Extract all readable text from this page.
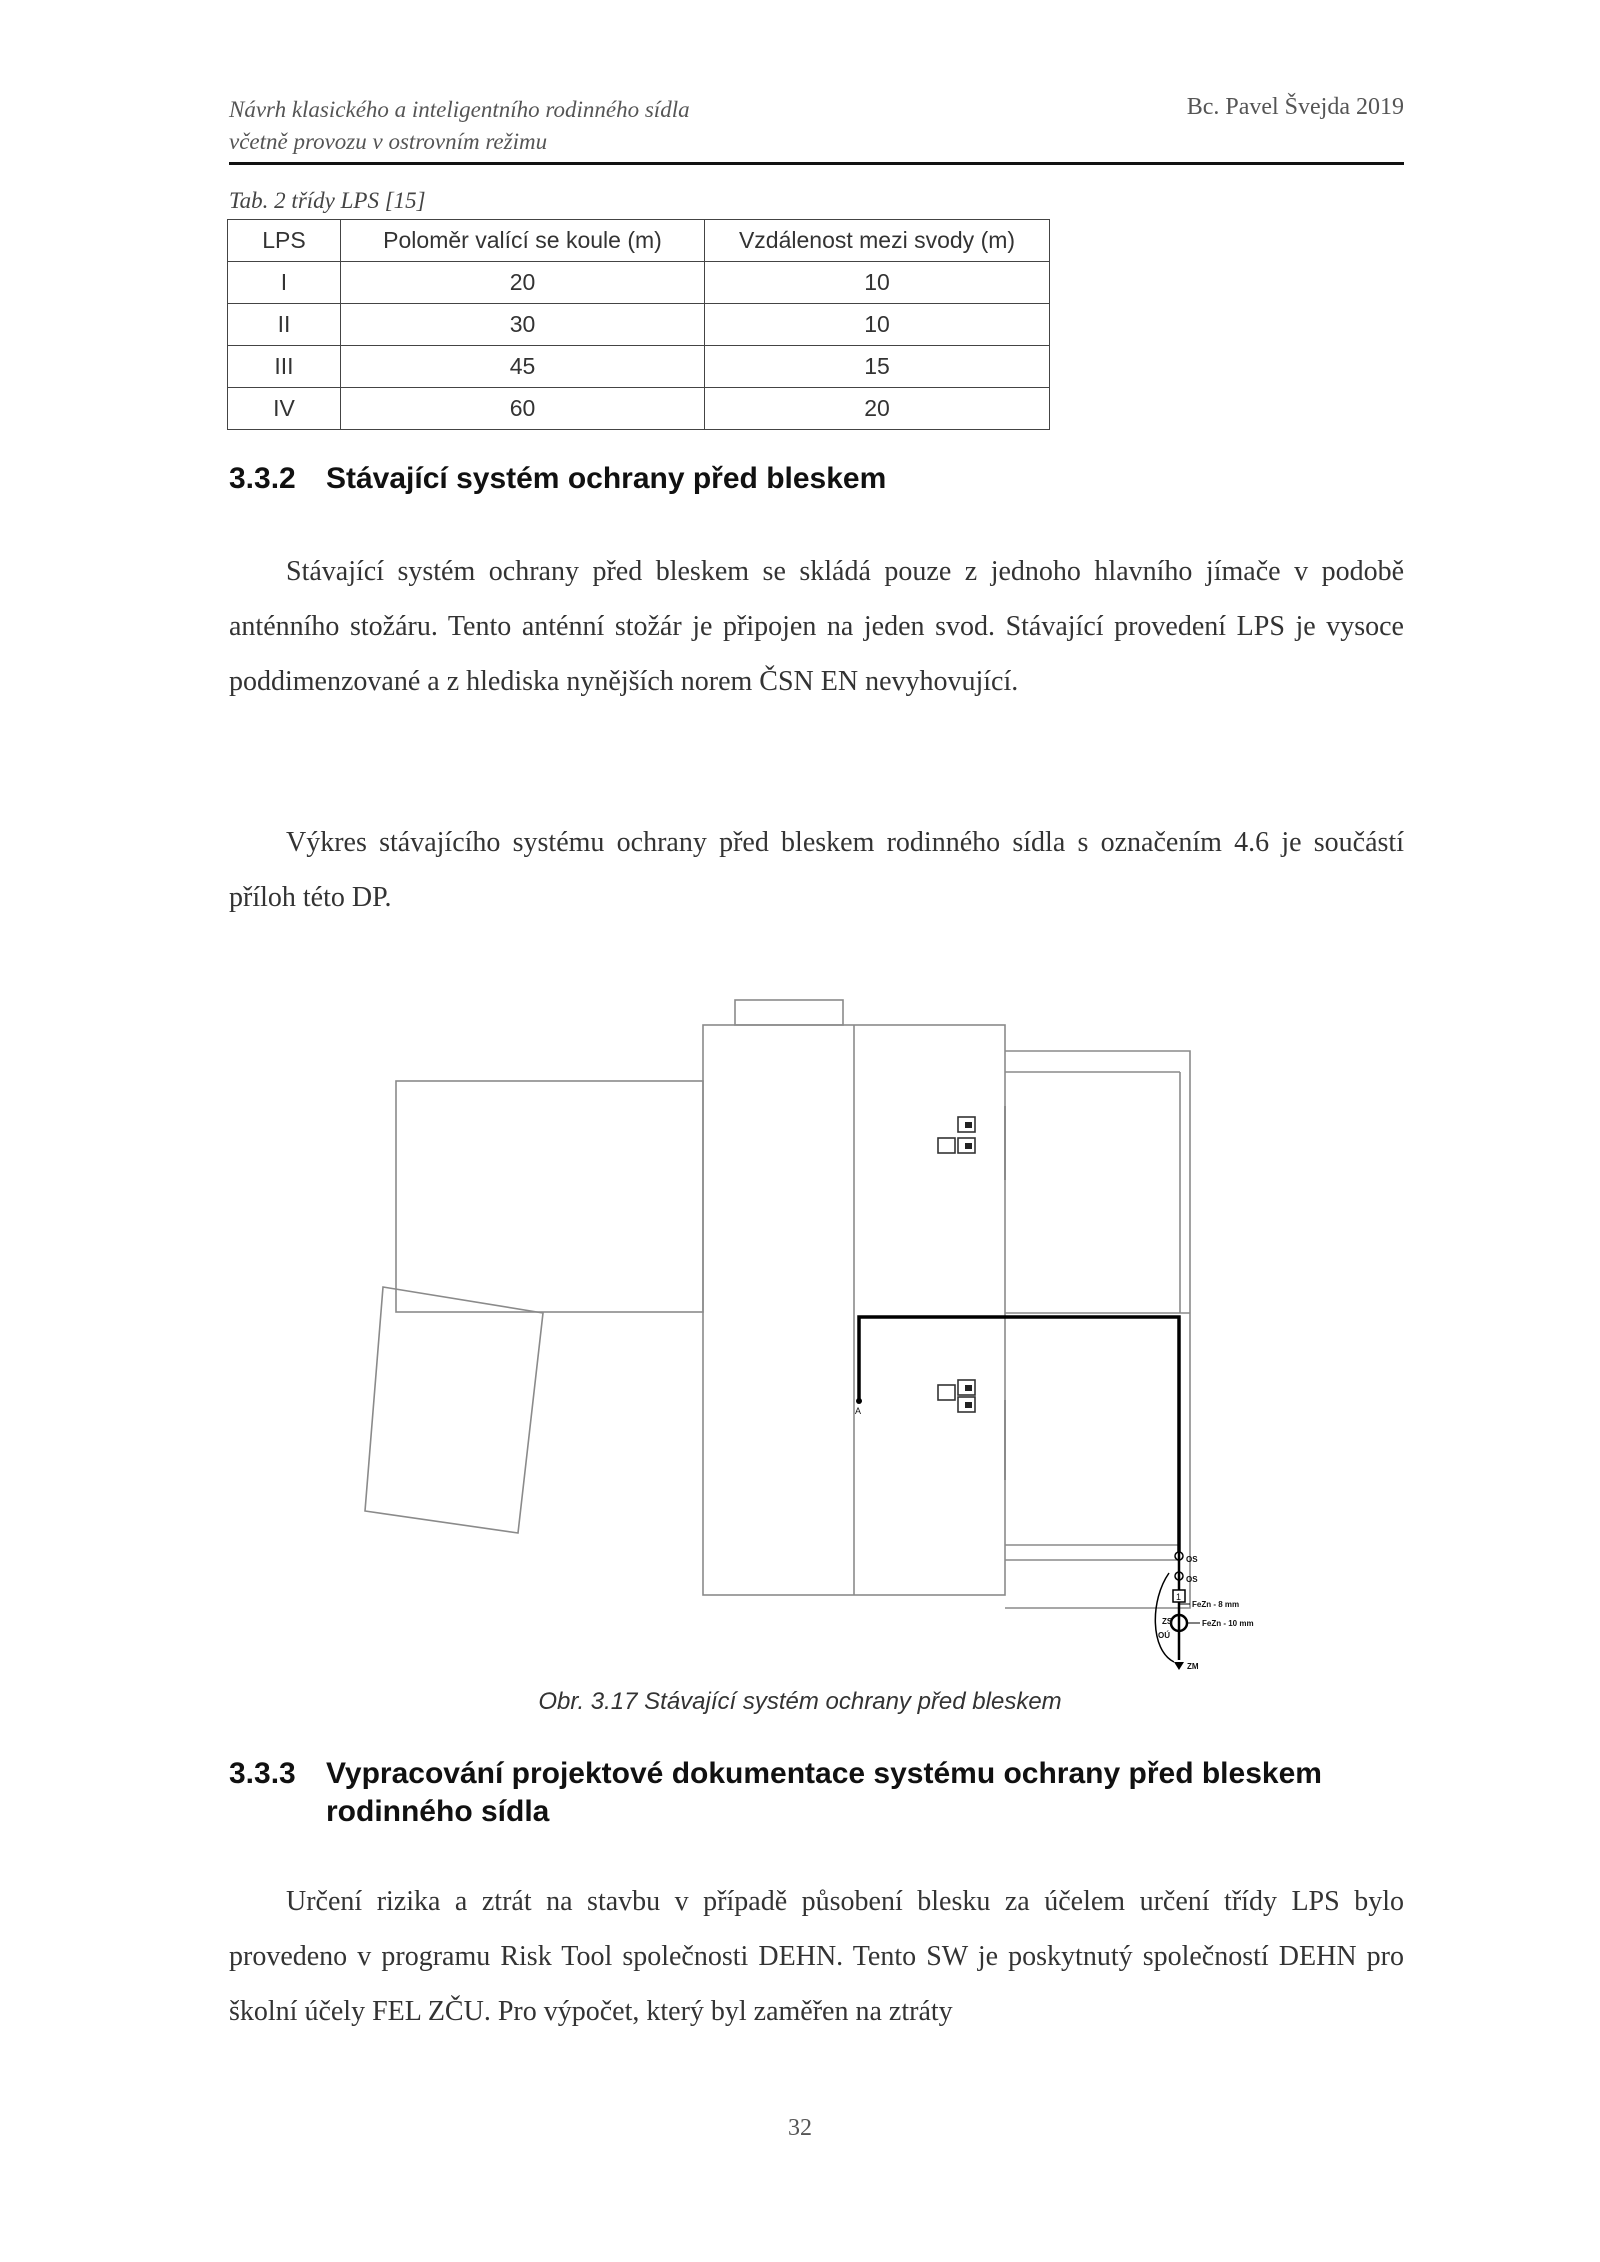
Návrh klasického a inteligentního rodinného sídla
včetně provozu v ostrovním režimu
Bc. Pavel Švejda 2019
Tab. 2 třídy LPS [15]
LPS	Poloměr valící se koule (m)	Vzdálenost mezi svody (m)
I	20	10
II	30	10
III	45	15
IV	60	20
3.3.2 Stávající systém ochrany před bleskem

Stávající systém ochrany před bleskem se skládá pouze z jednoho hlavního jímače v podobě anténního stožáru. Tento anténní stožár je připojen na jeden svod. Stávající provedení LPS je vysoce poddimenzované a z hlediska nynějších norem ČSN EN nevyhovující.

Výkres stávajícího systému ochrany před bleskem rodinného sídla s označením 4.6 je součástí příloh této DP.

A
1
OS
OS
FeZn - 8 mm
FeZn - 10 mm
ZS
OÚ
ZM
Obr. 3.17 Stávající systém ochrany před bleskem
3.3.3 Vypracování projektové dokumentace systému ochrany před bleskem
rodinného sídla

Určení rizika a ztrát na stavbu v případě působení blesku za účelem určení třídy LPS bylo provedeno v programu Risk Tool společnosti DEHN. Tento SW je poskytnutý společností DEHN pro školní účely FEL ZČU. Pro výpočet, který byl zaměřen na ztráty

32
